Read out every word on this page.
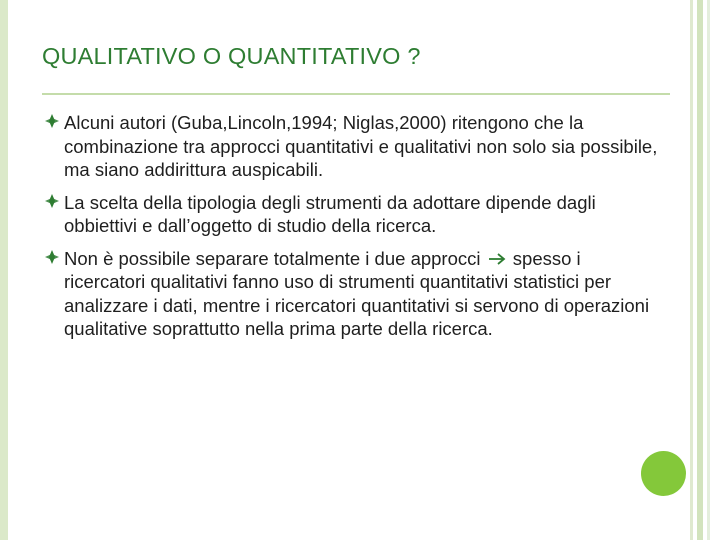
QUALITATIVO O QUANTITATIVO ?
Alcuni autori (Guba,Lincoln,1994; Niglas,2000) ritengono che la combinazione tra approcci quantitativi e qualitativi non solo sia possibile, ma siano addirittura auspicabili.
La scelta della tipologia degli strumenti da adottare dipende dagli obbiettivi e dall’oggetto di studio della ricerca.
Non è possibile separare totalmente i due approcci spesso i ricercatori qualitativi fanno uso di strumenti quantitativi statistici per analizzare i dati, mentre i ricercatori quantitativi si servono di operazioni qualitative soprattutto nella prima parte della ricerca.
